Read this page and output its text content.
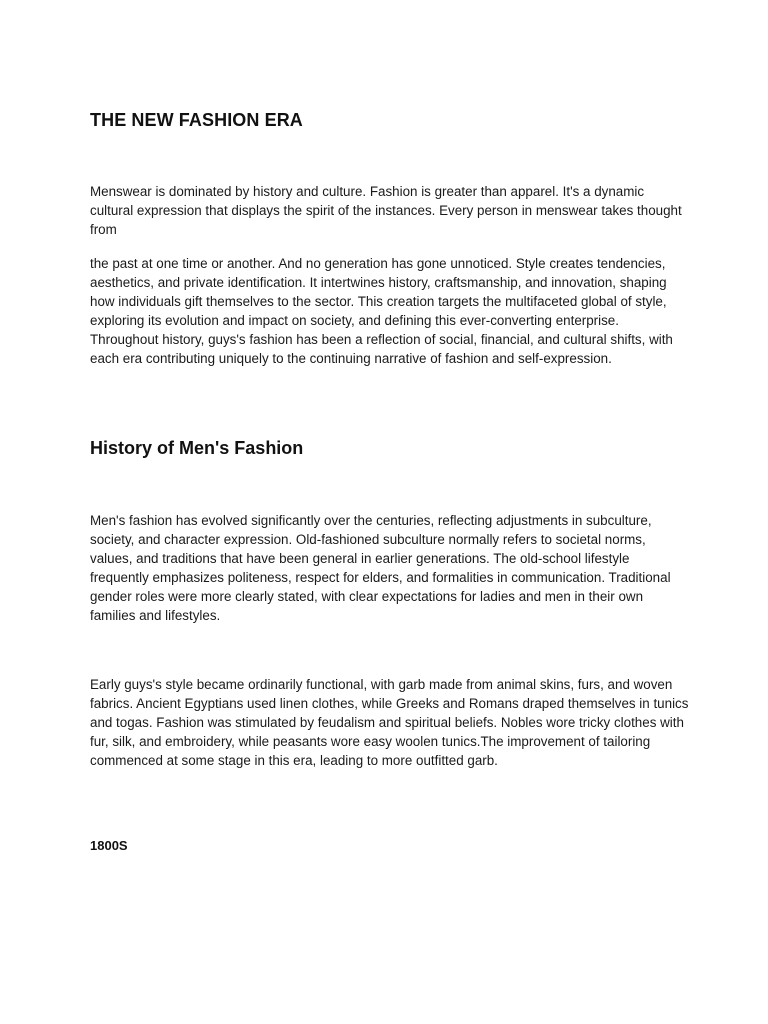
THE NEW FASHION ERA

Menswear is dominated by history and culture. Fashion is greater than apparel. It's a dynamic cultural expression that displays the spirit of the instances. Every person in menswear takes thought from

the past at one time or another. And no generation has gone unnoticed. Style creates tendencies, aesthetics, and private identification. It intertwines history, craftsmanship, and innovation, shaping how individuals gift themselves to the sector. This creation targets the multifaceted global of style, exploring its evolution and impact on society, and defining this ever-converting enterprise. Throughout history, guys's fashion has been a reflection of social, financial, and cultural shifts, with each era contributing uniquely to the continuing narrative of fashion and self-expression.

History of Men's Fashion

Men's fashion has evolved significantly over the centuries, reflecting adjustments in subculture, society, and character expression. Old-fashioned subculture normally refers to societal norms, values, and traditions that have been general in earlier generations. The old-school lifestyle frequently emphasizes politeness, respect for elders, and formalities in communication. Traditional gender roles were more clearly stated, with clear expectations for ladies and men in their own families and lifestyles.

Early guys's style became ordinarily functional, with garb made from animal skins, furs, and woven fabrics. Ancient Egyptians used linen clothes, while Greeks and Romans draped themselves in tunics and togas. Fashion was stimulated by feudalism and spiritual beliefs. Nobles wore tricky clothes with fur, silk, and embroidery, while peasants wore easy woolen tunics.The improvement of tailoring commenced at some stage in this era, leading to more outfitted garb.

1800S
